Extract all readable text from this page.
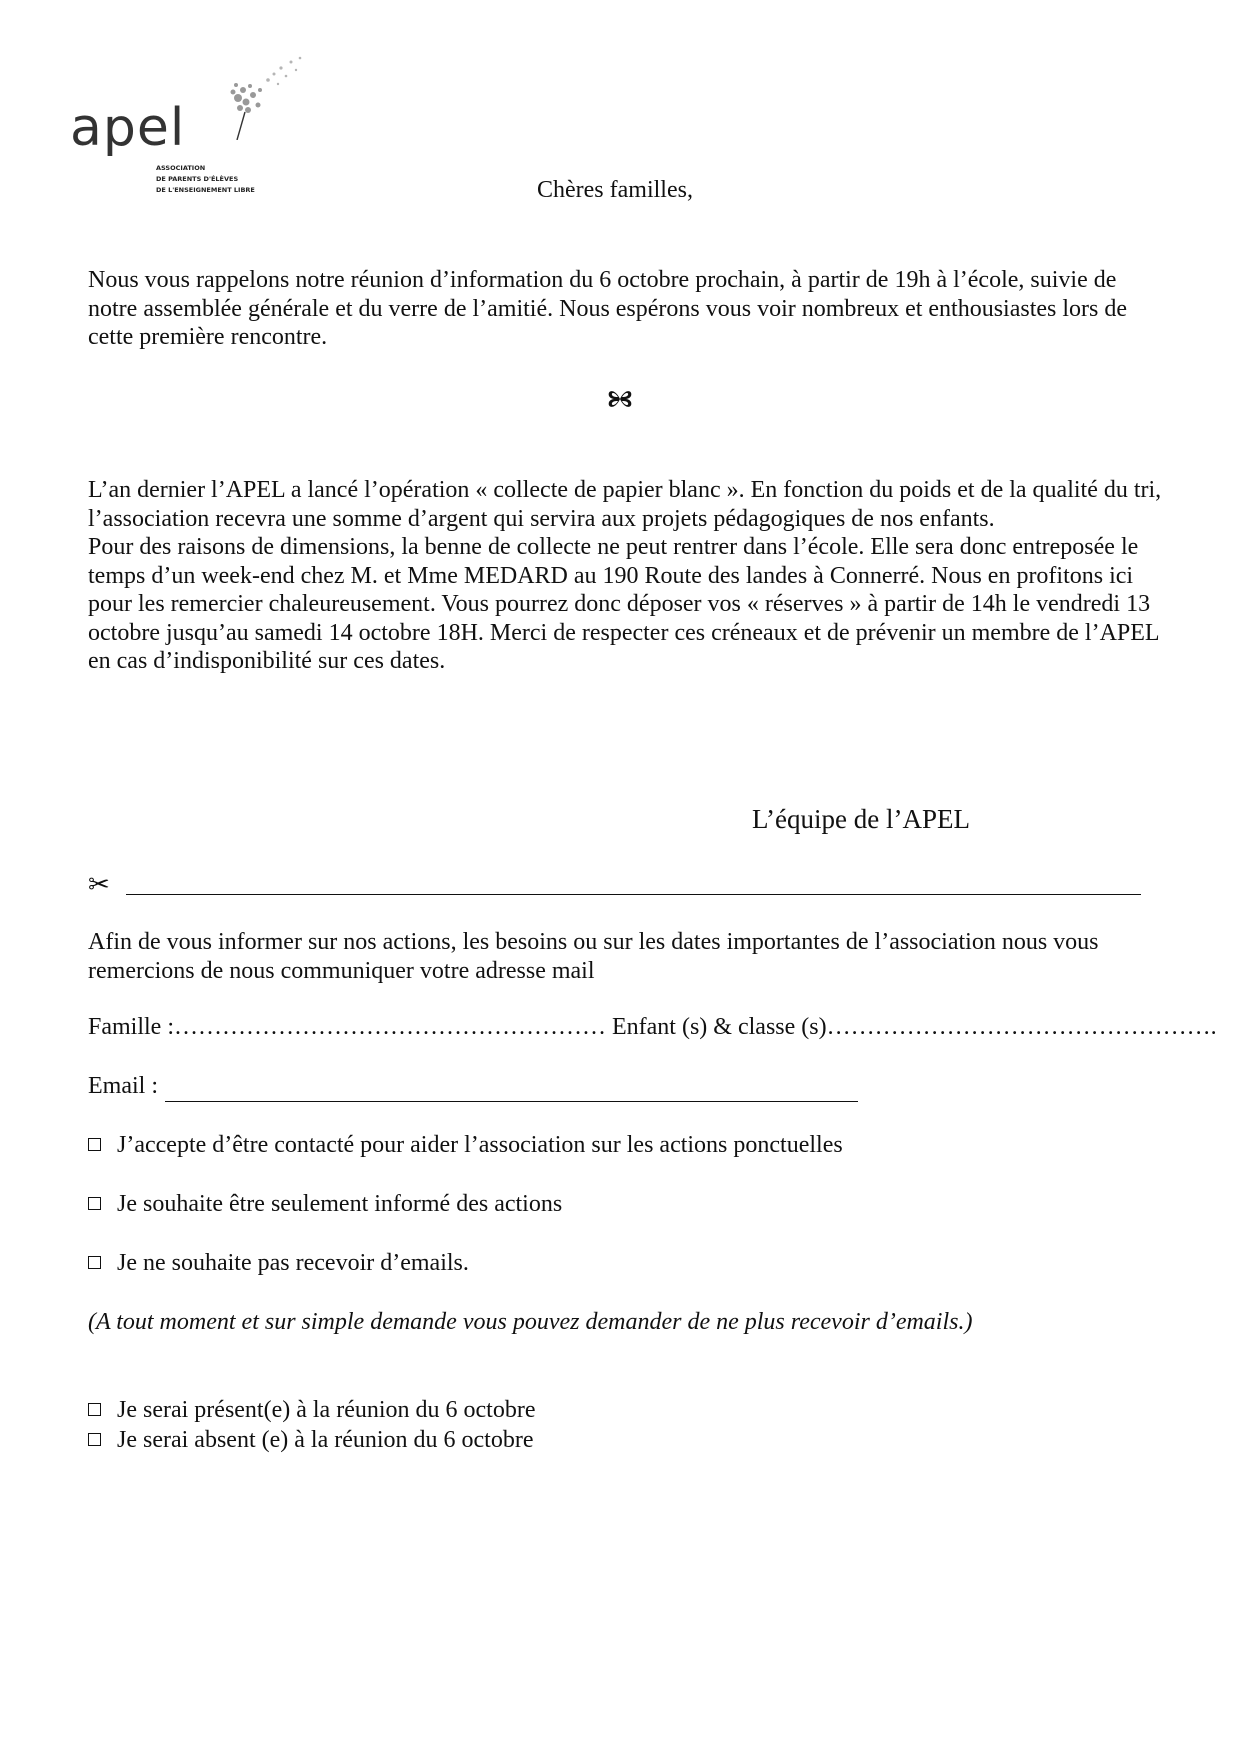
apel
ASSOCIATION
DE PARENTS D'ÉLÈVES
DE L'ENSEIGNEMENT LIBRE	Chères familles,

Nous vous rappelons notre réunion d’information du 6 octobre prochain, à partir de 19h à l’école, suivie de notre assemblée générale et du verre de l’amitié. Nous espérons vous voir nombreux et enthousiastes lors de cette première rencontre.

L’an dernier l’APEL a lancé l’opération « collecte de papier blanc ». En fonction du poids et de la qualité du tri, l’association recevra une somme d’argent qui servira aux projets pédagogiques de nos enfants.
Pour des raisons de dimensions, la benne de collecte ne peut rentrer dans l’école. Elle sera donc entreposée le temps d’un week-end chez M. et Mme MEDARD au 190 Route des landes à Connerré. Nous en profitons ici pour les remercier chaleureusement. Vous pourrez donc déposer vos « réserves » à partir de 14h le vendredi 13 octobre jusqu’au samedi 14 octobre 18H. Merci de respecter ces créneaux et de prévenir un membre de l’APEL en cas d’indisponibilité sur ces dates.
L’équipe de l’APEL
✂

Afin de vous informer sur nos actions, les besoins ou sur les dates importantes de l’association nous vous remercions de nous communiquer votre adresse mail

Famille :……………………………………………… Enfant (s) & classe (s)………………………………………….
Email :
J’accepte d’être contacté pour aider l’association sur les actions ponctuelles
Je souhaite être seulement informé des actions
Je ne souhaite pas recevoir d’emails.
(A tout moment et sur simple demande vous pouvez demander de ne plus recevoir d’emails.)
Je serai présent(e) à la réunion du 6 octobre
Je serai absent (e) à la réunion du 6 octobre
